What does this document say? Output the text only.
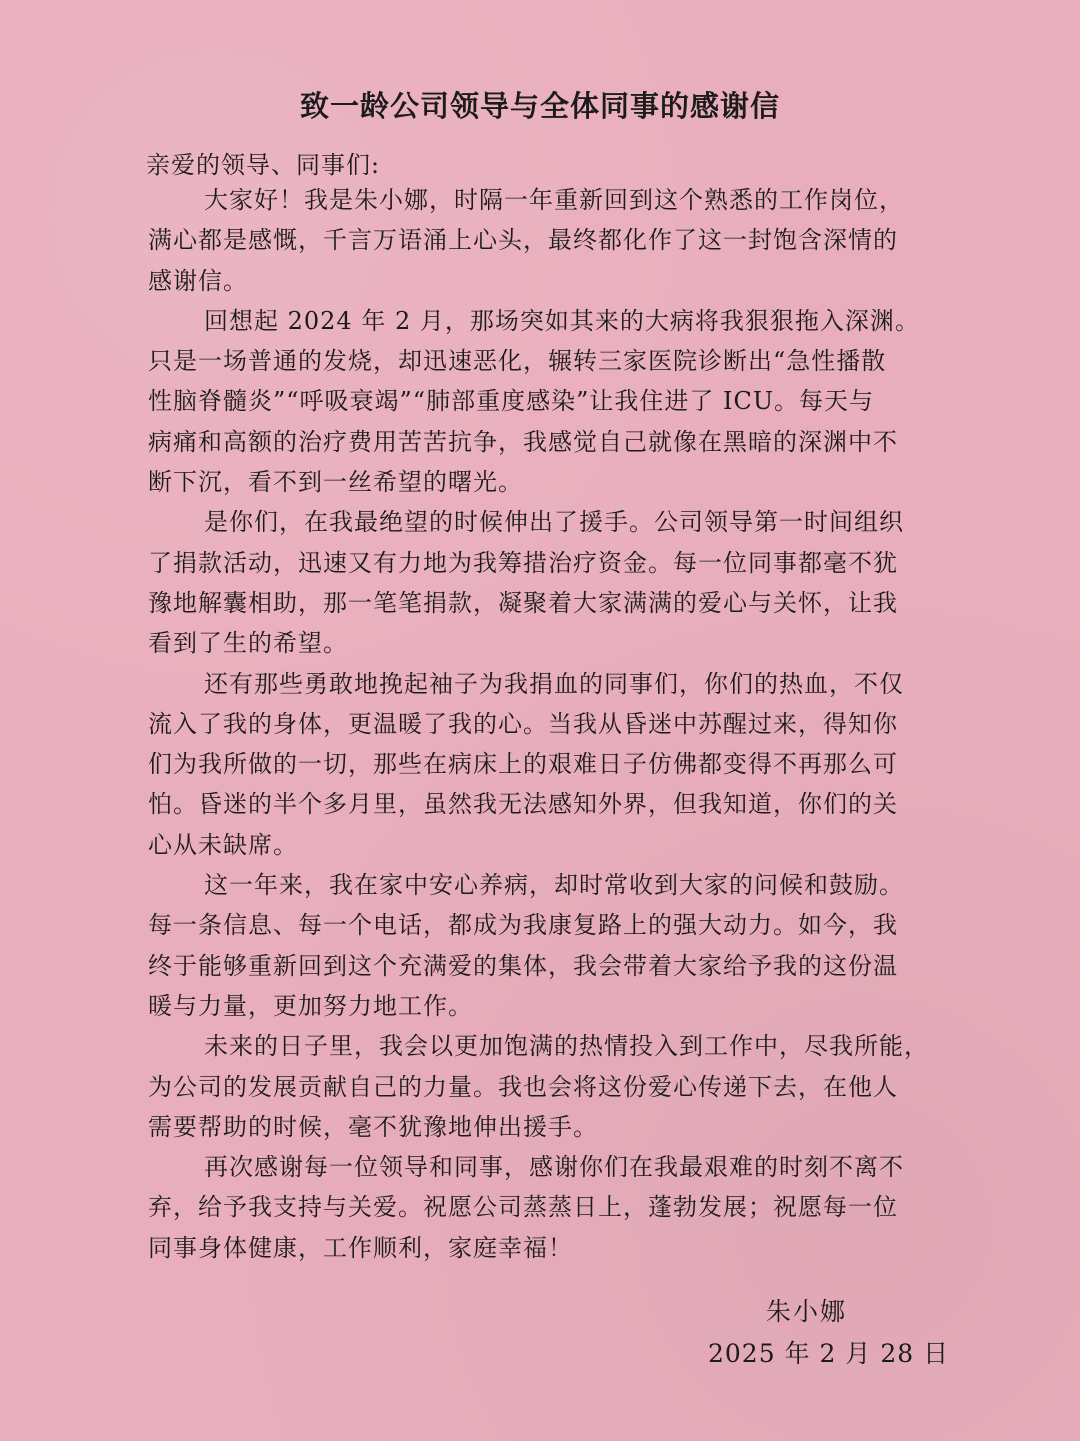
致一龄公司领导与全体同事的感谢信
亲爱的领导、同事们:
大家好！我是朱小娜，时隔一年重新回到这个熟悉的工作岗位，
满心都是感慨，千言万语涌上心头，最终都化作了这一封饱含深情的
感谢信。
回想起 2024 年 2 月，那场突如其来的大病将我狠狠拖入深渊。
只是一场普通的发烧，却迅速恶化，辗转三家医院诊断出“急性播散
性脑脊髓炎”“呼吸衰竭”“肺部重度感染”让我住进了 ICU。每天与
病痛和高额的治疗费用苦苦抗争，我感觉自己就像在黑暗的深渊中不
断下沉，看不到一丝希望的曙光。
是你们，在我最绝望的时候伸出了援手。公司领导第一时间组织
了捐款活动，迅速又有力地为我筹措治疗资金。每一位同事都毫不犹
豫地解囊相助，那一笔笔捐款，凝聚着大家满满的爱心与关怀，让我
看到了生的希望。
还有那些勇敢地挽起袖子为我捐血的同事们，你们的热血，不仅
流入了我的身体，更温暖了我的心。当我从昏迷中苏醒过来，得知你
们为我所做的一切，那些在病床上的艰难日子仿佛都变得不再那么可
怕。昏迷的半个多月里，虽然我无法感知外界，但我知道，你们的关
心从未缺席。
这一年来，我在家中安心养病，却时常收到大家的问候和鼓励。
每一条信息、每一个电话，都成为我康复路上的强大动力。如今，我
终于能够重新回到这个充满爱的集体，我会带着大家给予我的这份温
暖与力量，更加努力地工作。
未来的日子里，我会以更加饱满的热情投入到工作中，尽我所能，
为公司的发展贡献自己的力量。我也会将这份爱心传递下去，在他人
需要帮助的时候，毫不犹豫地伸出援手。
再次感谢每一位领导和同事，感谢你们在我最艰难的时刻不离不
弃，给予我支持与关爱。祝愿公司蒸蒸日上，蓬勃发展；祝愿每一位
同事身体健康，工作顺利，家庭幸福！
朱小娜
2025 年 2 月 28 日
